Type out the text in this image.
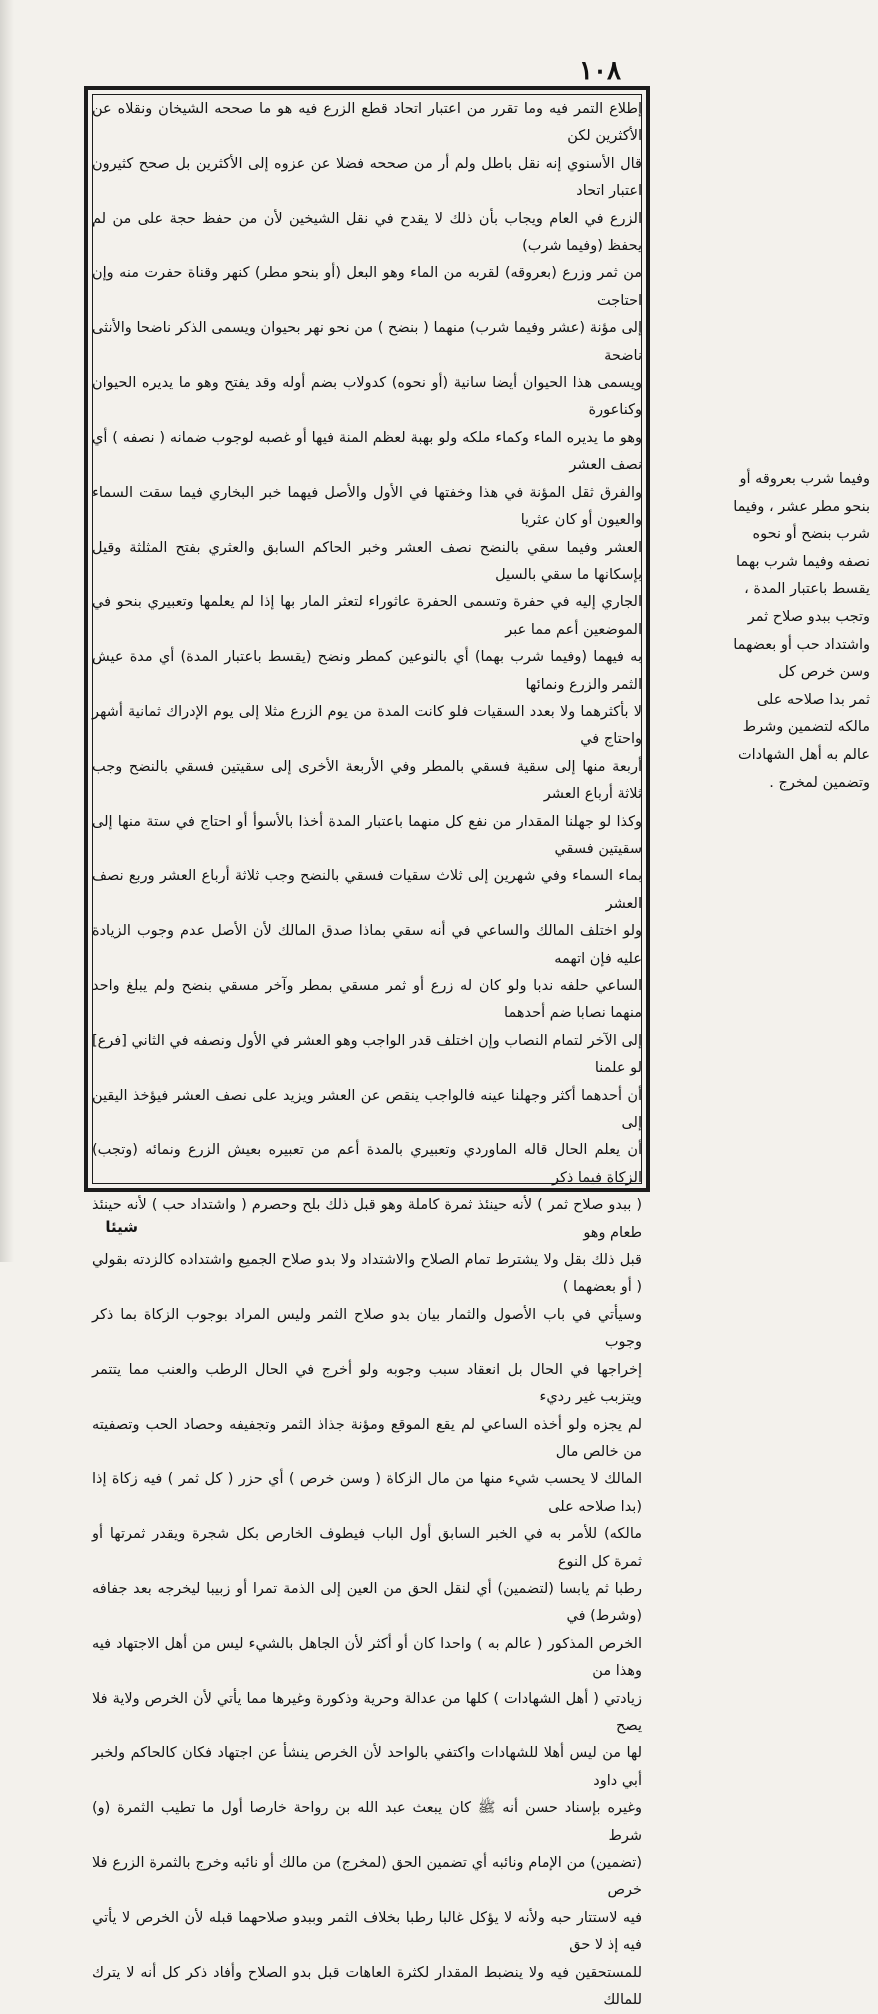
١٠٨

إطلاع التمر فيه وما تقرر من اعتبار اتحاد قطع الزرع فيه هو ما صححه الشيخان ونقلاه عن الأكثرين لكن

قال الأسنوي إنه نقل باطل ولم أر من صححه فضلا عن عزوه إلى الأكثرين بل صحح كثيرون اعتبار اتحاد

الزرع في العام ويجاب بأن ذلك لا يقدح في نقل الشيخين لأن من حفظ حجة على من لم يحفظ (وفيما شرب)

من ثمر وزرع (بعروقه) لقربه من الماء وهو البعل (أو بنحو مطر) كنهر وقناة حفرت منه وإن احتاجت

إلى مؤنة (عشر وفيما شرب) منهما ( بنضح ) من نحو نهر بحيوان ويسمى الذكر ناضحا والأنثى ناضحة

ويسمى هذا الحيوان أيضا سانية (أو نحوه) كدولاب بضم أوله وقد يفتح وهو ما يديره الحيوان وكناعورة

وهو ما يديره الماء وكماء ملكه ولو بهبة لعظم المنة فيها أو غصبه لوجوب ضمانه ( نصفه ) أي نصف العشر

والفرق ثقل المؤنة في هذا وخفتها في الأول والأصل فيهما خبر البخاري فيما سقت السماء والعيون أو كان عثريا

العشر وفيما سقي بالنضح نصف العشر وخبر الحاكم السابق والعثري بفتح المثلثة وقيل بإسكانها ما سقي بالسيل

الجاري إليه في حفرة وتسمى الحفرة عاثوراء لتعثر المار بها إذا لم يعلمها وتعبيري بنحو في الموضعين أعم مما عبر

به فيهما (وفيما شرب بهما) أي بالنوعين كمطر ونضح (يقسط باعتبار المدة) أي مدة عيش الثمر والزرع ونمائها

لا بأكثرهما ولا بعدد السقيات فلو كانت المدة من يوم الزرع مثلا إلى يوم الإدراك ثمانية أشهر واحتاج في

أربعة منها إلى سقية فسقي بالمطر وفي الأربعة الأخرى إلى سقيتين فسقي بالنضح وجب ثلاثة أرباع العشر

وكذا لو جهلنا المقدار من نفع كل منهما باعتبار المدة أخذا بالأسوأ أو احتاج في ستة منها إلى سقيتين فسقي

بماء السماء وفي شهرين إلى ثلاث سقيات فسقي بالنضح وجب ثلاثة أرباع العشر وربع نصف العشر

ولو اختلف المالك والساعي في أنه سقي بماذا صدق المالك لأن الأصل عدم وجوب الزيادة عليه فإن اتهمه

الساعي حلفه ندبا ولو كان له زرع أو ثمر مسقي بمطر وآخر مسقي بنضح ولم يبلغ واحد منهما نصابا ضم أحدهما

إلى الآخر لتمام النصاب وإن اختلف قدر الواجب وهو العشر في الأول ونصفه في الثاني [فرع] لو علمنا

أن أحدهما أكثر وجهلنا عينه فالواجب ينقص عن العشر ويزيد على نصف العشر فيؤخذ اليقين إلى

أن يعلم الحال قاله الماوردي وتعبيري بالمدة أعم من تعبيره بعيش الزرع ونمائه (وتجب) الزكاة فيما ذكر

( ببدو صلاح ثمر ) لأنه حينئذ ثمرة كاملة وهو قبل ذلك بلح وحصرم ( واشتداد حب ) لأنه حينئذ طعام وهو

قبل ذلك بقل ولا يشترط تمام الصلاح والاشتداد ولا بدو صلاح الجميع واشتداده كالزدته بقولي ( أو بعضهما )

وسيأتي في باب الأصول والثمار بيان بدو صلاح الثمر وليس المراد بوجوب الزكاة بما ذكر وجوب

إخراجها في الحال بل انعقاد سبب وجوبه ولو أخرج في الحال الرطب والعنب مما يتتمر ويتزبب غير رديء

لم يجزه ولو أخذه الساعي لم يقع الموقع ومؤنة جذاذ الثمر وتجفيفه وحصاد الحب وتصفيته من خالص مال

المالك لا يحسب شيء منها من مال الزكاة ( وسن خرص ) أي حزر ( كل ثمر ) فيه زكاة إذا (بدا صلاحه على

مالكه) للأمر به في الخبر السابق أول الباب فيطوف الخارص بكل شجرة ويقدر ثمرتها أو ثمرة كل النوع

رطبا ثم يابسا (لتضمين) أي لنقل الحق من العين إلى الذمة تمرا أو زبيبا ليخرجه بعد جفافه (وشرط) في

الخرص المذكور ( عالم به ) واحدا كان أو أكثر لأن الجاهل بالشيء ليس من أهل الاجتهاد فيه وهذا من

زيادتي ( أهل الشهادات ) كلها من عدالة وحرية وذكورة وغيرها مما يأتي لأن الخرص ولاية فلا يصح

لها من ليس أهلا للشهادات واكتفي بالواحد لأن الخرص ينشأ عن اجتهاد فكان كالحاكم ولخبر أبي داود

وغيره بإسناد حسن أنه ﷺ كان يبعث عبد الله بن رواحة خارصا أول ما تطيب الثمرة (و) شرط

(تضمين) من الإمام ونائبه أي تضمين الحق (لمخرج) من مالك أو نائبه وخرج بالثمرة الزرع فلا خرص

فيه لاستتار حبه ولأنه لا يؤكل غالبا رطبا بخلاف الثمر وببدو صلاحهما قبله لأن الخرص لا يأتي فيه إذ لا حق

للمستحقين فيه ولا ينضبط المقدار لكثرة العاهات قبل بدو الصلاح وأفاد ذكر كل أنه لا يترك للمالك

وفيما شرب بعروقه أو

بنحو مطر عشر ، وفيما

شرب بنضح أو نحوه

نصفه وفيما شرب بهما

يقسط باعتبار المدة ،

وتجب ببدو صلاح ثمر

واشتداد حب أو بعضهما

وسن خرص كل

ثمر بدا صلاحه على

مالكه لتضمين وشرط

عالم به أهل الشهادات

وتضمين لمخرج .

شيئا
